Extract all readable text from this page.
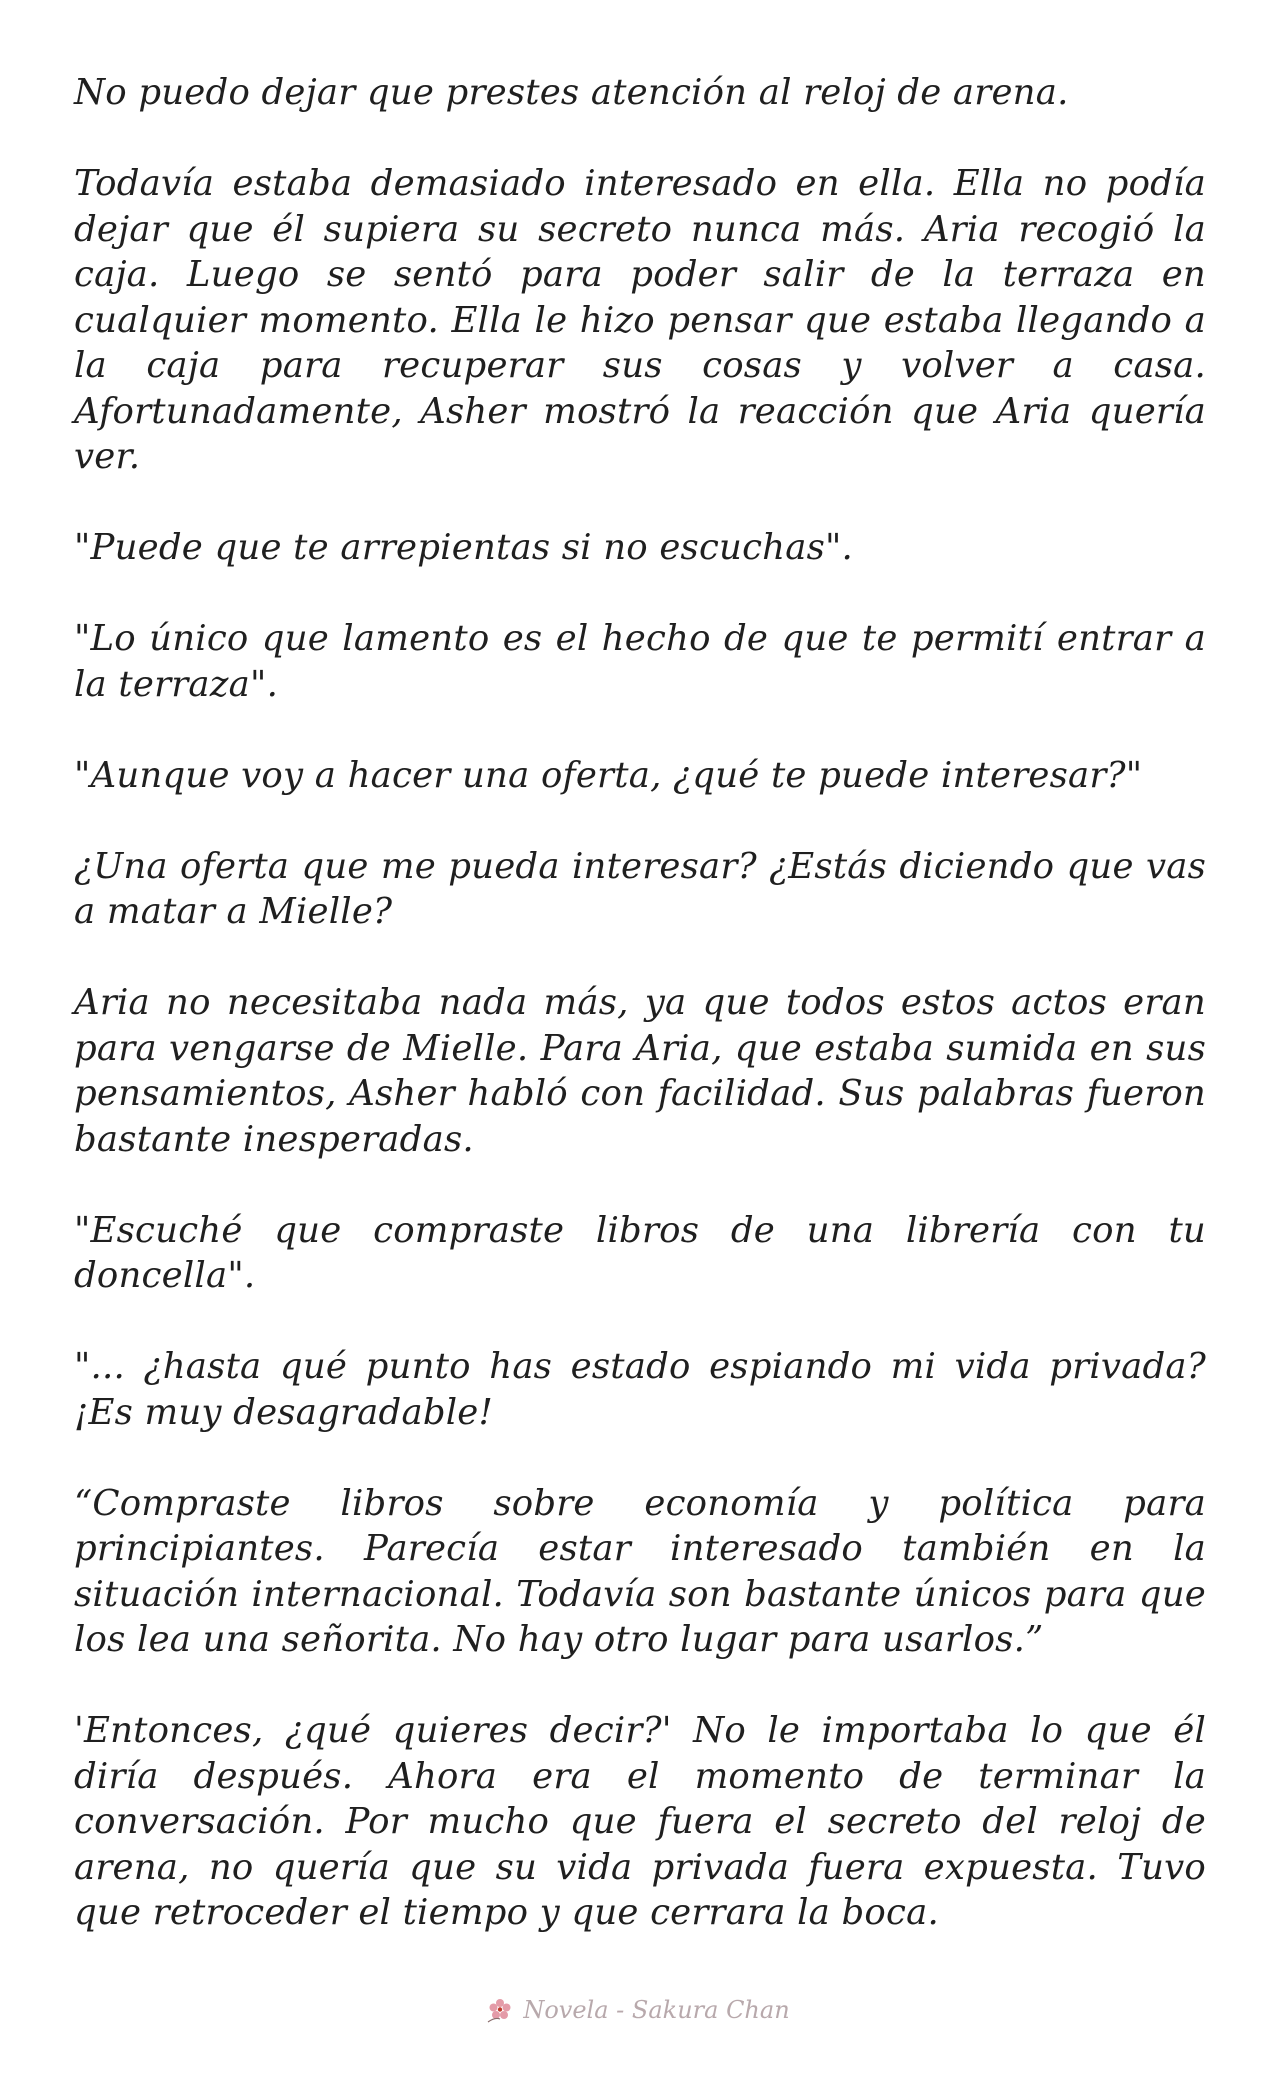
No puedo dejar que prestes atención al reloj de arena.

Todavía estaba demasiado interesado en ella. Ella no podía dejar que él supiera su secreto nunca más. Aria recogió la caja. Luego se sentó para poder salir de la terraza en cualquier momento. Ella le hizo pensar que estaba llegando a la caja para recuperar sus cosas y volver a casa. Afortunadamente, Asher mostró la reacción que Aria quería ver.

"Puede que te arrepientas si no escuchas".

"Lo único que lamento es el hecho de que te permití entrar a la terraza".

"Aunque voy a hacer una oferta, ¿qué te puede interesar?"

¿Una oferta que me pueda interesar? ¿Estás diciendo que vas a matar a Mielle?

Aria no necesitaba nada más, ya que todos estos actos eran para vengarse de Mielle. Para Aria, que estaba sumida en sus pensamientos, Asher habló con facilidad. Sus palabras fueron bastante inesperadas.

"Escuché que compraste libros de una librería con tu doncella".

"... ¿hasta qué punto has estado espiando mi vida privada? ¡Es muy desagradable!

“Compraste libros sobre economía y política para principiantes. Parecía estar interesado también en la situación internacional. Todavía son bastante únicos para que los lea una señorita. No hay otro lugar para usarlos.”

'Entonces, ¿qué quieres decir?' No le importaba lo que él diría después. Ahora era el momento de terminar la conversación. Por mucho que fuera el secreto del reloj de arena, no quería que su vida privada fuera expuesta. Tuvo que retroceder el tiempo y que cerrara la boca.

Novela - Sakura Chan
